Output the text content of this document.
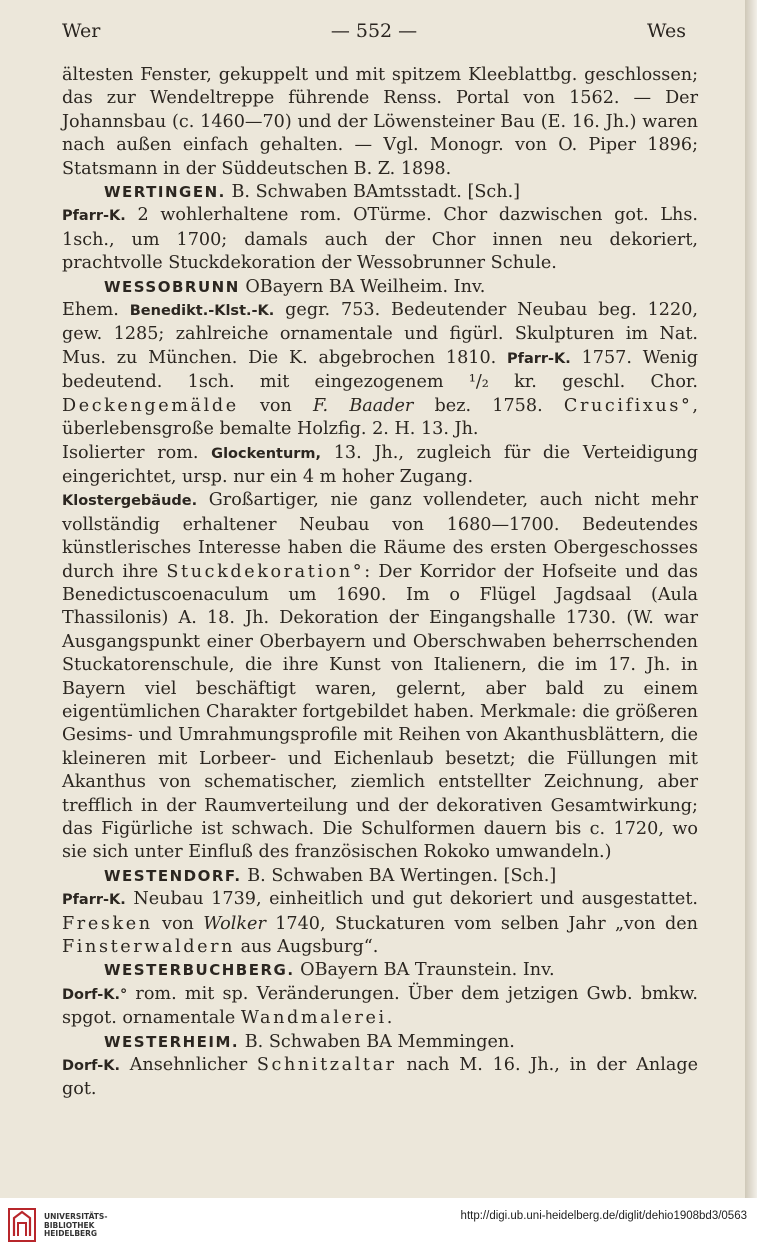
Wer	— 552 —	Wes

ältesten Fenster, gekuppelt und mit spitzem Kleeblattbg. geschlossen; das zur Wendeltreppe führende Renss. Portal von 1562. — Der Johannsbau (c. 1460—70) und der Löwensteiner Bau (E. 16. Jh.) waren nach außen einfach gehalten. — Vgl. Monogr. von O. Piper 1896; Statsmann in der Süddeutschen B. Z. 1898.

WERTINGEN. B. Schwaben BAmtsstadt. [Sch.]

Pfarr-K. 2 wohlerhaltene rom. OTürme. Chor dazwischen got. Lhs. 1sch., um 1700; damals auch der Chor innen neu dekoriert, prachtvolle Stuckdekoration der Wessobrunner Schule.

WESSOBRUNN OBayern BA Weilheim. Inv.

Ehem. Benedikt.-Klst.-K. gegr. 753. Bedeutender Neubau beg. 1220, gew. 1285; zahlreiche ornamentale und figürl. Skulpturen im Nat. Mus. zu München. Die K. abgebrochen 1810. Pfarr-K. 1757. Wenig bedeutend. 1sch. mit eingezogenem ¹/₂ kr. geschl. Chor. Deckengemälde von F. Baader bez. 1758. Crucifixus°, überlebensgroße bemalte Holzfig. 2. H. 13. Jh.

Isolierter rom. Glockenturm, 13. Jh., zugleich für die Verteidigung eingerichtet, ursp. nur ein 4 m hoher Zugang.

Klostergebäude. Großartiger, nie ganz vollendeter, auch nicht mehr vollständig erhaltener Neubau von 1680—1700. Bedeutendes künstlerisches Interesse haben die Räume des ersten Obergeschosses durch ihre Stuckdekoration°: Der Korridor der Hofseite und das Benedictuscoenaculum um 1690. Im o Flügel Jagdsaal (Aula Thassilonis) A. 18. Jh. Dekoration der Eingangshalle 1730. (W. war Ausgangspunkt einer Oberbayern und Oberschwaben beherrschenden Stuckatorenschule, die ihre Kunst von Italienern, die im 17. Jh. in Bayern viel beschäftigt waren, gelernt, aber bald zu einem eigentümlichen Charakter fortgebildet haben. Merkmale: die größeren Gesims- und Umrahmungsprofile mit Reihen von Akanthusblättern, die kleineren mit Lorbeer- und Eichenlaub besetzt; die Füllungen mit Akanthus von schematischer, ziemlich entstellter Zeichnung, aber trefflich in der Raumverteilung und der dekorativen Gesamtwirkung; das Figürliche ist schwach. Die Schulformen dauern bis c. 1720, wo sie sich unter Einfluß des französischen Rokoko umwandeln.)

WESTENDORF. B. Schwaben BA Wertingen. [Sch.]

Pfarr-K. Neubau 1739, einheitlich und gut dekoriert und ausgestattet. Fresken von Wolker 1740, Stuckaturen vom selben Jahr „von den Finsterwaldern aus Augsburg“.

WESTERBUCHBERG. OBayern BA Traunstein. Inv.

Dorf-K.° rom. mit sp. Veränderungen. Über dem jetzigen Gwb. bmkw. spgot. ornamentale Wandmalerei.

WESTERHEIM. B. Schwaben BA Memmingen.

Dorf-K. Ansehnlicher Schnitzaltar nach M. 16. Jh., in der Anlage got.

UNIVERSITÄTS-
BIBLIOTHEK
HEIDELBERG
http://digi.ub.uni-heidelberg.de/diglit/dehio1908bd3/0563
